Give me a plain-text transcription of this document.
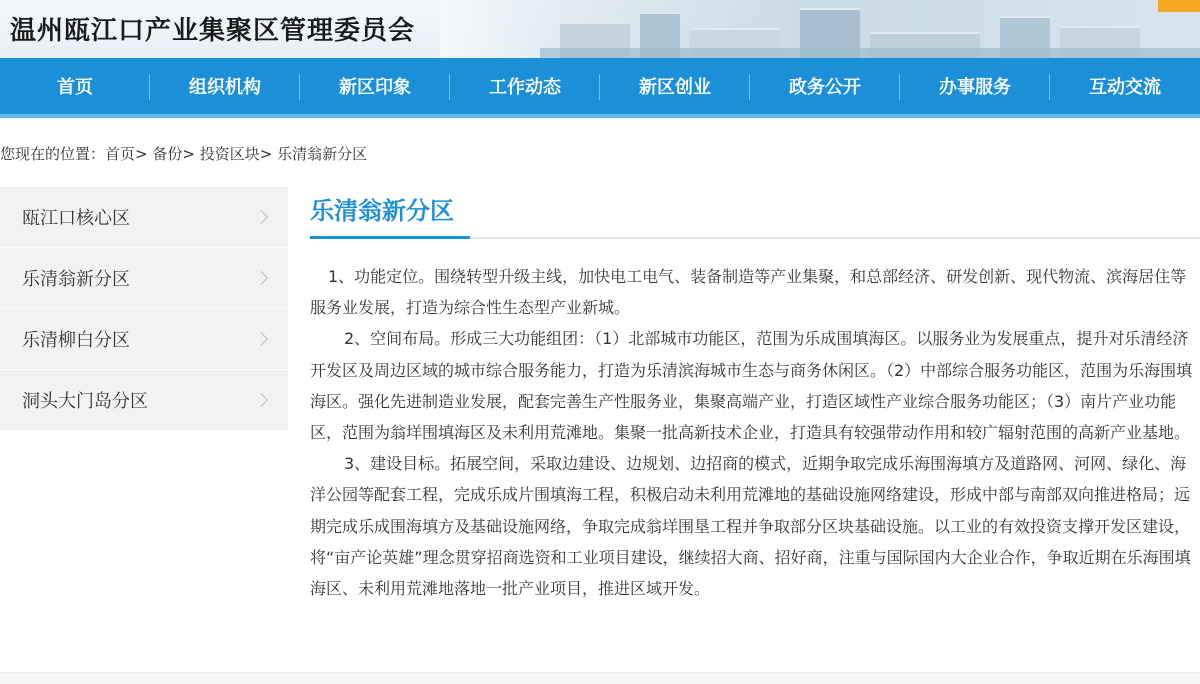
温州瓯江口产业集聚区管理委员会
首页	组织机构	新区印象	工作动态	新区创业	政务公开	办事服务	互动交流
您现在的位置：首页> 备份> 投资区块> 乐清翁新分区
瓯江口核心区
乐清翁新分区
乐清柳白分区
洞头大门岛分区
乐清翁新分区

1、功能定位。围绕转型升级主线，加快电工电气、装备制造等产业集聚，和总部经济、研发创新、现代物流、滨海居住等服务业发展，打造为综合性生态型产业新城。

2、空间布局。形成三大功能组团：（1）北部城市功能区，范围为乐成围填海区。以服务业为发展重点，提升对乐清经济开发区及周边区域的城市综合服务能力，打造为乐清滨海城市生态与商务休闲区。（2）中部综合服务功能区，范围为乐海围填海区。强化先进制造业发展，配套完善生产性服务业，集聚高端产业，打造区域性产业综合服务功能区；（3）南片产业功能区，范围为翁垟围填海区及未利用荒滩地。集聚一批高新技术企业，打造具有较强带动作用和较广辐射范围的高新产业基地。

3、建设目标。拓展空间，采取边建设、边规划、边招商的模式，近期争取完成乐海围海填方及道路网、河网、绿化、海洋公园等配套工程，完成乐成片围填海工程，积极启动未利用荒滩地的基础设施网络建设，形成中部与南部双向推进格局；远期完成乐成围海填方及基础设施网络，争取完成翁垟围垦工程并争取部分区块基础设施。以工业的有效投资支撑开发区建设，将“亩产论英雄”理念贯穿招商选资和工业项目建设，继续招大商、招好商，注重与国际国内大企业合作，争取近期在乐海围填海区、未利用荒滩地落地一批产业项目，推进区域开发。
